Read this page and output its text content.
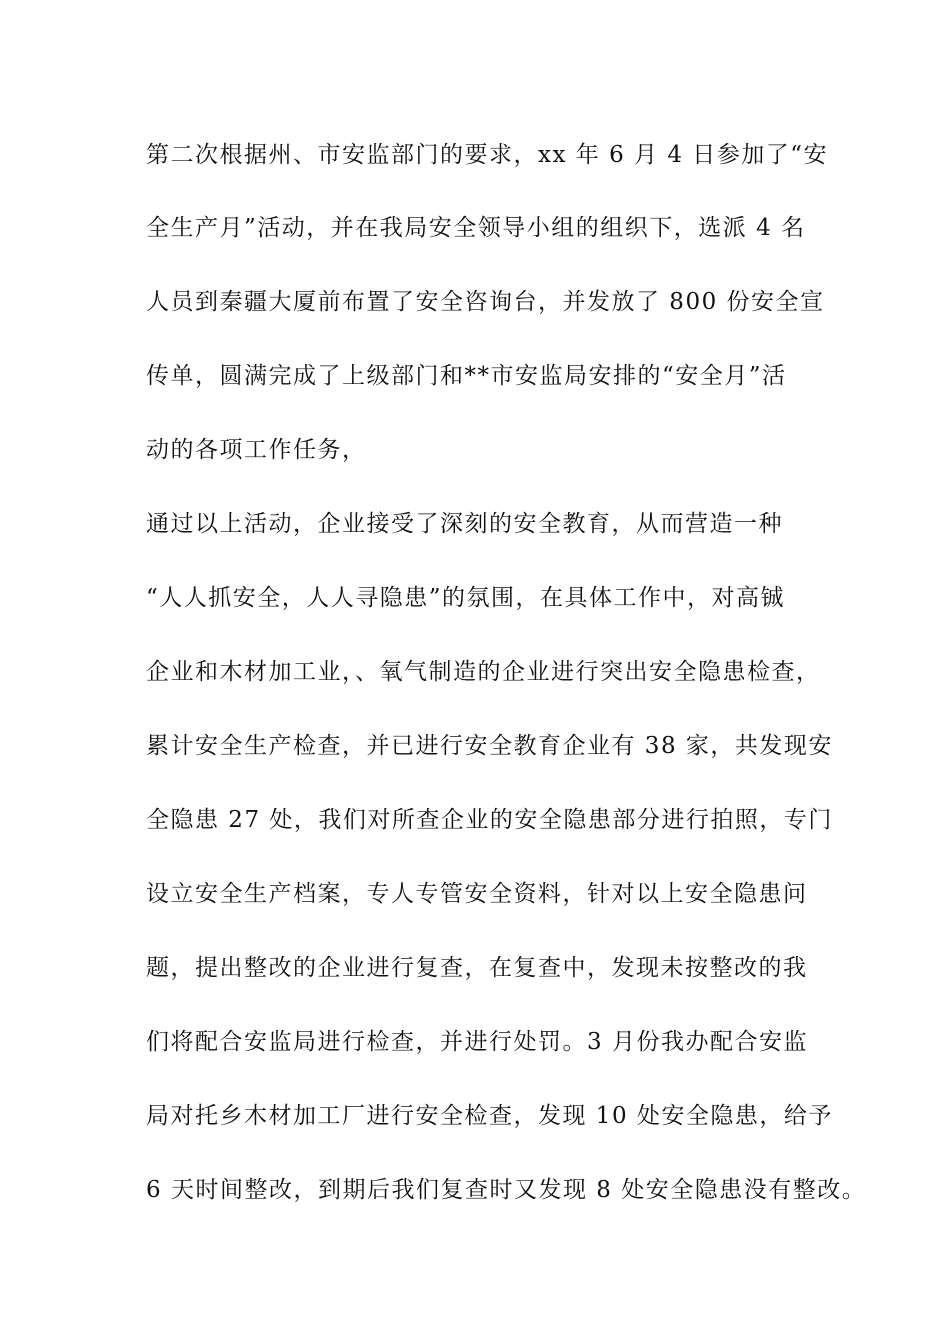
第二次根据州、市安监部门的要求，xx 年 6 月 4 日参加了“安
全生产月”活动，并在我局安全领导小组的组织下，选派 4 名
人员到秦疆大厦前布置了安全咨询台，并发放了 800 份安全宣
传单，圆满完成了上级部门和**市安监局安排的“安全月”活
动的各项工作任务，
通过以上活动，企业接受了深刻的安全教育，从而营造一种
“人人抓安全，人人寻隐患”的氛围，在具体工作中，对高铖
企业和木材加工业，、氧气制造的企业进行突出安全隐患检查，
累计安全生产检查，并已进行安全教育企业有 38 家，共发现安
全隐患 27 处，我们对所查企业的安全隐患部分进行拍照，专门
设立安全生产档案，专人专管安全资料，针对以上安全隐患问
题，提出整改的企业进行复查，在复查中，发现未按整改的我
们将配合安监局进行检查，并进行处罚。3 月份我办配合安监
局对托乡木材加工厂进行安全检查，发现 10 处安全隐患，给予
6 天时间整改，到期后我们复查时又发现 8 处安全隐患没有整改。
